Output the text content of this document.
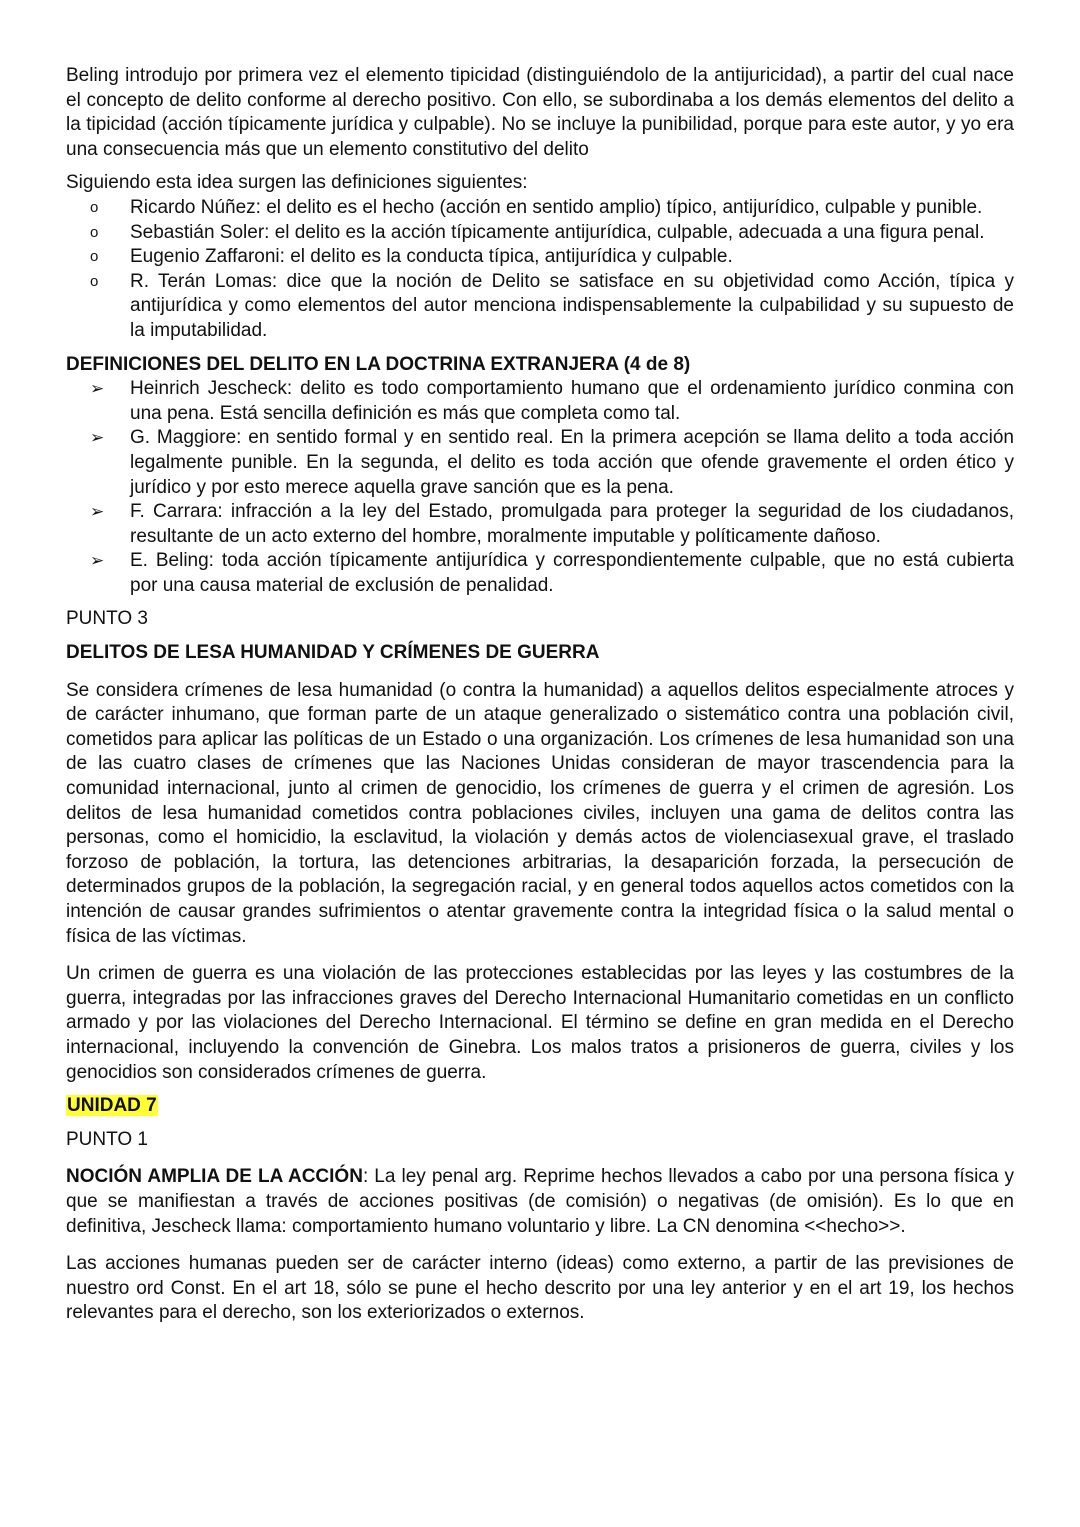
Beling introdujo por primera vez el elemento tipicidad (distinguiéndolo de la antijuricidad), a partir del cual nace el concepto de delito conforme al derecho positivo. Con ello, se subordinaba a los demás elementos del delito a la tipicidad (acción típicamente jurídica y culpable). No se incluye la punibilidad, porque para este autor, y yo era una consecuencia más que un elemento constitutivo del delito

Siguiendo esta idea surgen las definiciones siguientes:

o	Ricardo Núñez: el delito es el hecho (acción en sentido amplio) típico, antijurídico, culpable y punible.
o	Sebastián Soler: el delito es la acción típicamente antijurídica, culpable, adecuada a una figura penal.
o	Eugenio Zaffaroni: el delito es la conducta típica, antijurídica y culpable.
o	R. Terán Lomas: dice que la noción de Delito se satisface en su objetividad como Acción, típica y antijurídica y como elementos del autor menciona indispensablemente la culpabilidad y su supuesto de la imputabilidad.

DEFINICIONES DEL DELITO EN LA DOCTRINA EXTRANJERA (4 de 8)

➢	Heinrich Jescheck: delito es todo comportamiento humano que el ordenamiento jurídico conmina con una pena. Está sencilla definición es más que completa como tal.
➢	G. Maggiore: en sentido formal y en sentido real. En la primera acepción se llama delito a toda acción legalmente punible. En la segunda, el delito es toda acción que ofende gravemente el orden ético y jurídico y por esto merece aquella grave sanción que es la pena.
➢	F. Carrara: infracción a la ley del Estado, promulgada para proteger la seguridad de los ciudadanos, resultante de un acto externo del hombre, moralmente imputable y políticamente dañoso.
➢	E. Beling: toda acción típicamente antijurídica y correspondientemente culpable, que no está cubierta por una causa material de exclusión de penalidad.

PUNTO 3

DELITOS DE LESA HUMANIDAD Y CRÍMENES DE GUERRA

Se considera crímenes de lesa humanidad (o contra la humanidad) a aquellos delitos especialmente atroces y de carácter inhumano, que forman parte de un ataque generalizado o sistemático contra una población civil, cometidos para aplicar las políticas de un Estado o una organización. Los crímenes de lesa humanidad son una de las cuatro clases de crímenes que las Naciones Unidas consideran de mayor trascendencia para la comunidad internacional, junto al crimen de genocidio, los crímenes de guerra y el crimen de agresión. Los delitos de lesa humanidad cometidos contra poblaciones civiles, incluyen una gama de delitos contra las personas, como el homicidio, la esclavitud, la violación y demás actos de violenciasexual grave, el traslado forzoso de población, la tortura, las detenciones arbitrarias, la desaparición forzada, la persecución de determinados grupos de la población, la segregación racial, y en general todos aquellos actos cometidos con la intención de causar grandes sufrimientos o atentar gravemente contra la integridad física o la salud mental o física de las víctimas.

Un crimen de guerra es una violación de las protecciones establecidas por las leyes y las costumbres de la guerra, integradas por las infracciones graves del Derecho Internacional Humanitario cometidas en un conflicto armado y por las violaciones del Derecho Internacional. El término se define en gran medida en el Derecho internacional, incluyendo la convención de Ginebra. Los malos tratos a prisioneros de guerra, civiles y los genocidios son considerados crímenes de guerra.

UNIDAD 7

PUNTO 1

NOCIÓN AMPLIA DE LA ACCIÓN: La ley penal arg. Reprime hechos llevados a cabo por una persona física y que se manifiestan a través de acciones positivas (de comisión) o negativas (de omisión). Es lo que en definitiva, Jescheck llama: comportamiento humano voluntario y libre. La CN denomina <<hecho>>.

Las acciones humanas pueden ser de carácter interno (ideas) como externo, a partir de las previsiones de nuestro ord Const. En el art 18, sólo se pune el hecho descrito por una ley anterior y en el art 19, los hechos relevantes para el derecho, son los exteriorizados o externos.
